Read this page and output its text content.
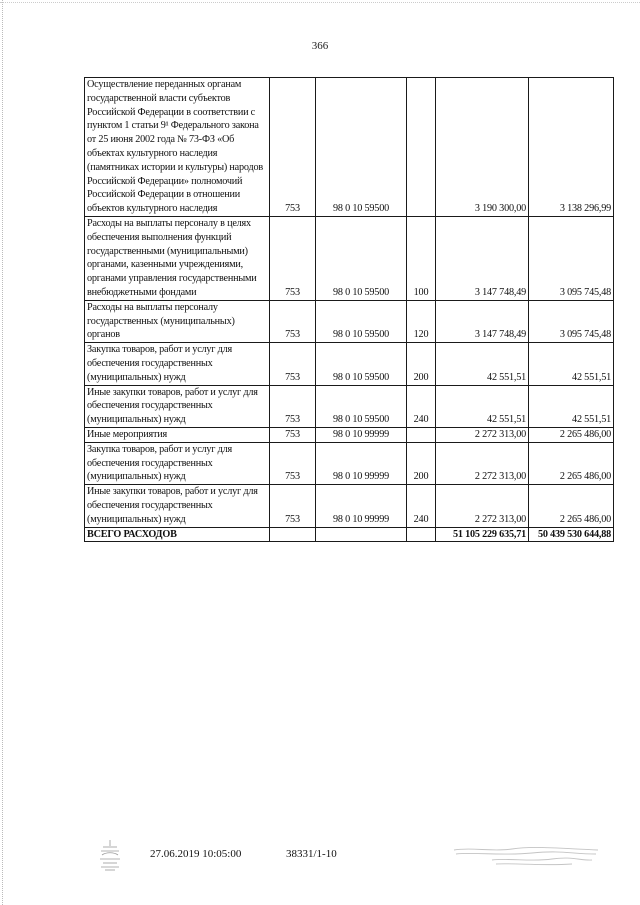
366
Осуществление переданных органам государственной власти субъектов Российской Федерации в соответствии с пунктом 1 статьи 9¹ Федерального закона от 25 июня 2002 года № 73-ФЗ «Об объектах культурного наследия (памятниках истории и культуры) народов Российской Федерации» полномочий Российской Федерации в отношении объектов культурного наследия	753	98 0 10 59500		3 190 300,00	3 138 296,99
Расходы на выплаты персоналу в целях обеспечения выполнения функций государственными (муниципальными) органами, казенными учреждениями, органами управления государственными внебюджетными фондами	753	98 0 10 59500	100	3 147 748,49	3 095 745,48
Расходы на выплаты персоналу государственных (муниципальных) органов	753	98 0 10 59500	120	3 147 748,49	3 095 745,48
Закупка товаров, работ и услуг для обеспечения государственных (муниципальных) нужд	753	98 0 10 59500	200	42 551,51	42 551,51
Иные закупки товаров, работ и услуг для обеспечения государственных (муниципальных) нужд	753	98 0 10 59500	240	42 551,51	42 551,51
Иные мероприятия	753	98 0 10 99999		2 272 313,00	2 265 486,00
Закупка товаров, работ и услуг для обеспечения государственных (муниципальных) нужд	753	98 0 10 99999	200	2 272 313,00	2 265 486,00
Иные закупки товаров, работ и услуг для обеспечения государственных (муниципальных) нужд	753	98 0 10 99999	240	2 272 313,00	2 265 486,00
ВСЕГО РАСХОДОВ				51 105 229 635,71	50 439 530 644,88
27.06.2019 10:05:00	38331/1-10
